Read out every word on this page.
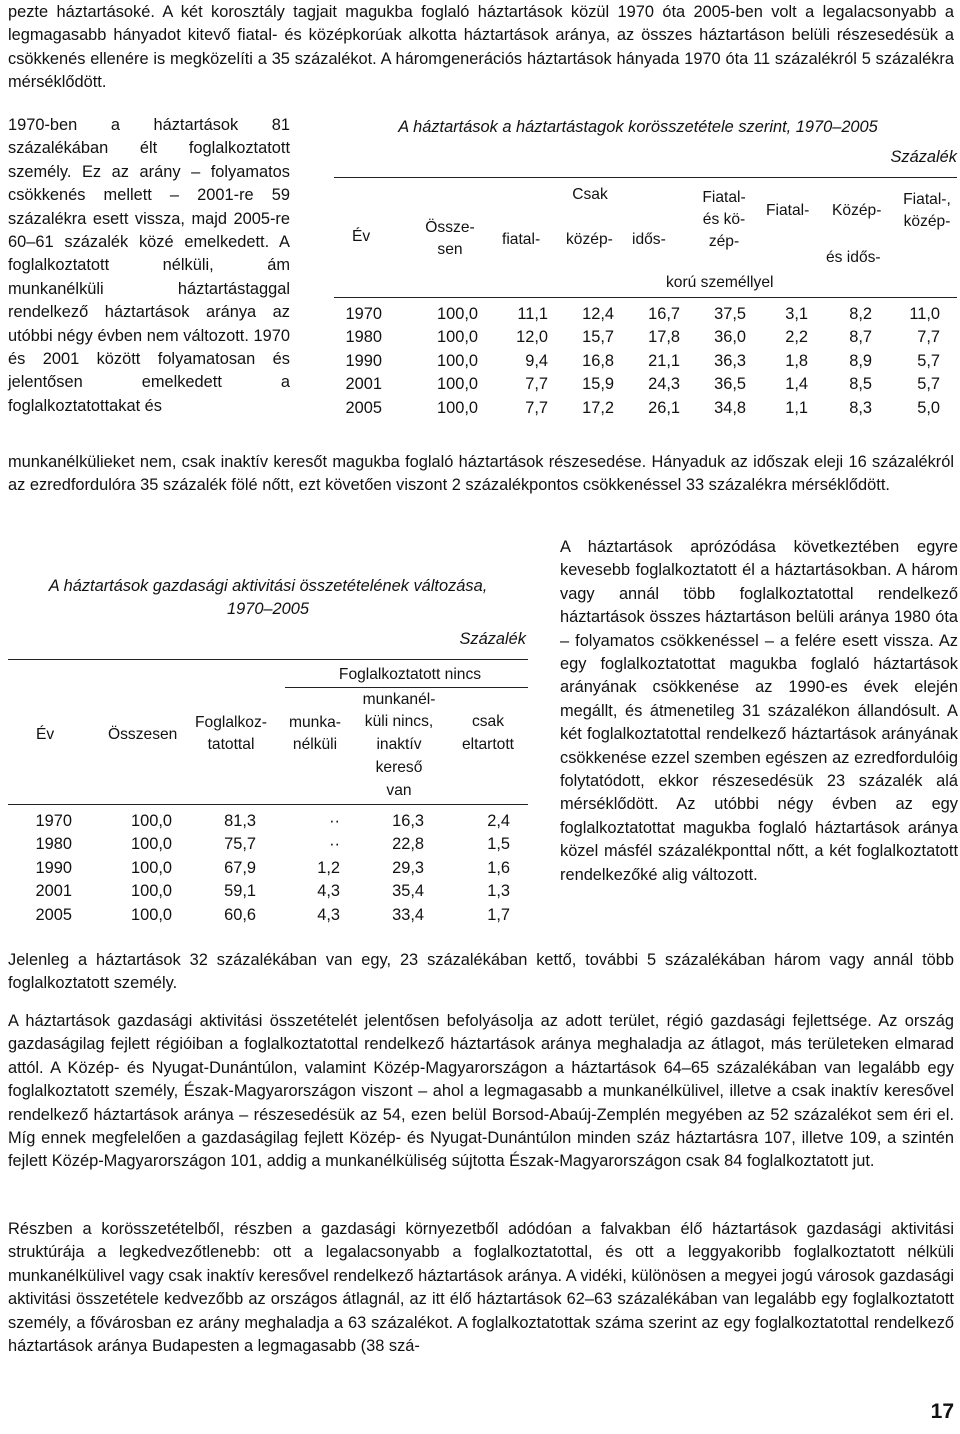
pezte háztartásoké. A két korosztály tagjait magukba foglaló háztartások közül 1970 óta 2005-ben volt a legalacsonyabb a legmagasabb hányadot kitevő fiatal- és középkorúak alkotta háztartások aránya, az összes háztartáson belüli részesedésük a csökkenés ellenére is megközelíti a 35 százalékot. A háromgenerációs háztartások hányada 1970 óta 11 százalékról 5 százalékra mérséklődött.

1970-ben a háztartások 81 százalékában élt foglalkoztatott személy. Ez az arány – folyamatos csökkenés mellett – 2001-re 59 százalékra esett vissza, majd 2005-re 60–61 százalék közé emelkedett. A foglalkoztatott nélküli, ám munkanélküli háztartástaggal rendelkező háztartások aránya az utóbbi négy évben nem változott. 1970 és 2001 között folyamatosan és jelentősen emelkedett a foglalkoztatottakat és
A háztartások a háztartástagok korösszetétele szerint, 1970–2005
Százalék
Év
Össze-
sen
Csak
fiatal- közép- idős-
Fiatal-
és kö-
zép-
Fiatal- Közép-
és idős-
Fiatal-,
közép-
korú személlyel
1970	100,0 11,1 12,4 16,7 37,5 3,1	8,2 11,0
1980	100,0 12,0 15,7 17,8 36,0 2,2	8,7	7,7
1990	100,0	9,4 16,8 21,1 36,3 1,8	8,9	5,7
2001	100,0	7,7 15,9 24,3 36,5 1,4	8,5	5,7
2005	100,0	7,7 17,2 26,1 34,8 1,1	8,3	5,0

munkanélkülieket nem, csak inaktív keresőt magukba foglaló háztartások részesedése. Hányaduk az időszak eleji 16 százalékról az ezredfordulóra 35 százalék fölé nőtt, ezt követően viszont 2 százalékpontos csökkenéssel 33 százalékra mérséklődött.

A háztartások gazdasági aktivitási összetételének változása,
1970–2005
Százalék
Év	Összesen
Foglalkoz-
tatottal
Foglalkoztatott nincs
munka-
nélküli
munkanél-
küli nincs,
inaktív
kereső
van
csak
eltartott
1970	100,0	81,3	··	16,3	2,4
1980	100,0	75,7	··	22,8	1,5
1990	100,0	67,9	1,2	29,3	1,6
2001	100,0	59,1	4,3	35,4	1,3
2005	100,0	60,6	4,3	33,4	1,7
A háztartások aprózódása következtében egyre kevesebb foglalkoztatott él a háztartásokban. A három vagy annál több foglalkoztatottal rendelkező háztartások összes háztartáson belüli aránya 1980 óta – folyamatos csökkenéssel – a felére esett vissza. Az egy foglalkoztatottat magukba foglaló háztartások arányának csökkenése az 1990-es évek elején megállt, és átmenetileg 31 százalékon állandósult. A két foglalkoztatottal rendelkező háztartások arányának csökkenése ezzel szemben egészen az ezredfordulóig folytatódott, ekkor részesedésük 23 százalék alá mérséklődött. Az utóbbi négy évben az egy foglalkoztatottat magukba foglaló háztartások aránya közel másfél százalékponttal nőtt, a két foglalkoztatott rendelkezőké alig változott.

Jelenleg a háztartások 32 százalékában van egy, 23 százalékában kettő, további 5 százalékában három vagy annál több foglalkoztatott személy.

A háztartások gazdasági aktivitási összetételét jelentősen befolyásolja az adott terület, régió gazdasági fejlettsége. Az ország gazdaságilag fejlett régióiban a foglalkoztatottal rendelkező háztartások aránya meghaladja az átlagot, más területeken elmarad attól. A Közép- és Nyugat-Dunántúlon, valamint Közép-Magyarországon a háztartások 64–65 százalékában van legalább egy foglalkoztatott személy, Észak-Magyarországon viszont – ahol a legmagasabb a munkanélkülivel, illetve a csak inaktív keresővel rendelkező háztartások aránya – részesedésük az 54, ezen belül Borsod-Abaúj-Zemplén megyében az 52 százalékot sem éri el. Míg ennek megfelelően a gazdaságilag fejlett Közép- és Nyugat-Dunántúlon minden száz háztartásra 107, illetve 109, a szintén fejlett Közép-Magyarországon 101, addig a munkanélküliség sújtotta Észak-Magyarországon csak 84 foglalkoztatott jut.

Részben a korösszetételből, részben a gazdasági környezetből adódóan a falvakban élő háztartások gazdasági aktivitási struktúrája a legkedvezőtlenebb: ott a legalacsonyabb a foglalkoztatottal, és ott a leggyakoribb foglalkoztatott nélküli munkanélkülivel vagy csak inaktív keresővel rendelkező háztartások aránya. A vidéki, különösen a megyei jogú városok gazdasági aktivitási összetétele kedvezőbb az országos átlagnál, az itt élő háztartások 62–63 százalékában van legalább egy foglalkoztatott személy, a fővárosban ez arány meghaladja a 63 százalékot. A foglalkoztatottak száma szerint az egy foglalkoztatottal rendelkező háztartások aránya Budapesten a legmagasabb (38 szá-

17
